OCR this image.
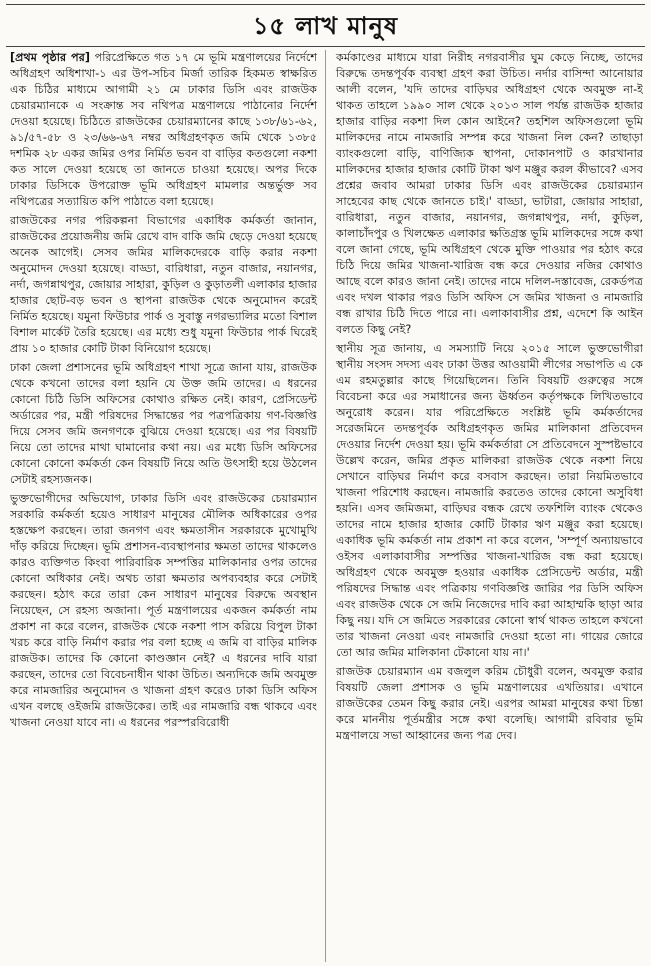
১৫ লাখ মানুষ

[প্রথম পৃষ্ঠার পর] পরিপ্রেক্ষিতে গত ১৭ মে ভূমি মন্ত্রণালয়ের নির্দেশে অধিগ্রহণ অধিশাখা-১ এর উপ-সচিব মির্জা তারিক হিকমত স্বাক্ষরিত এক চিঠির মাধ্যমে আগামী ২১ মে ঢাকার ডিসি এবং রাজউক চেয়ারম্যানকে এ সংক্রান্ত সব নথিপত্র মন্ত্রণালয়ে পাঠানোর নির্দেশ দেওয়া হয়েছে। চিঠিতে রাজউকের চেয়ারম্যানের কাছে ১৩৮/৬১-৬২, ৯১/৫৭-৫৮ ও ২৩/৬৬-৬৭ নম্বর অধিগ্রহণকৃত জমি থেকে ১৩৮৫ দশমিক ২৮ একর জমির ওপর নির্মিত ভবন বা বাড়ির কতগুলো নকশা কত সালে দেওয়া হয়েছে তা জানতে চাওয়া হয়েছে। অপর দিকে ঢাকার ডিসিকে উপরোক্ত ভূমি অধিগ্রহণ মামলার অন্তর্ভুক্ত সব নথিপত্রের সত্যায়িত কপি পাঠাতে বলা হয়েছে।

রাজউকের নগর পরিকল্পনা বিভাগের একাধিক কর্মকর্তা জানান, রাজউকের প্রয়োজনীয় জমি রেখে বাদ বাকি জমি ছেড়ে দেওয়া হয়েছে অনেক আগেই। সেসব জমির মালিকদেরকে বাড়ি করার নকশা অনুমোদন দেওয়া হয়েছে। বাড্ডা, বারিধারা, নতুন বাজার, নয়ানগর, নর্দা, জগন্নাথপুর, জোয়ার সাহারা, কুড়িল ও কুড়াতলী এলাকার হাজার হাজার ছোট-বড় ভবন ও স্থাপনা রাজউক থেকে অনুমোদন করেই নির্মিত হয়েছে। যমুনা ফিউচার পার্ক ও সুবাস্তু নগরভ্যালির মতো বিশাল বিশাল মার্কেট তৈরি হয়েছে। এর মধ্যে শুধু যমুনা ফিউচার পার্ক ঘিরেই প্রায় ১০ হাজার কোটি টাকা বিনিয়োগ হয়েছে।

ঢাকা জেলা প্রশাসনের ভূমি অধিগ্রহণ শাখা সূত্রে জানা যায়, রাজউক থেকে কখনো তাদের বলা হয়নি যে উক্ত জমি তাদের। এ ধরনের কোনো চিঠি ডিসি অফিসের কোথাও রক্ষিত নেই। কারণ, প্রেসিডেন্ট অর্ডারের পর, মন্ত্রী পরিষদের সিদ্ধান্তের পর পত্রপত্রিকায় গণ-বিজ্ঞপ্তি দিয়ে সেসব জমি জনগণকে বুঝিয়ে দেওয়া হয়েছে। এর পর বিষয়টি নিয়ে তো তাদের মাথা ঘামানোর কথা নয়। এর মধ্যে ডিসি অফিসের কোনো কোনো কর্মকর্তা কেন বিষয়টি নিয়ে অতি উৎসাহী হয়ে উঠলেন সেটাই রহস্যজনক।

ভুক্তভোগীদের অভিযোগ, ঢাকার ডিসি এবং রাজউকের চেয়ারম্যান সরকারি কর্মকর্তা হয়েও সাধারণ মানুষের মৌলিক অধিকারের ওপর হস্তক্ষেপ করছেন। তারা জনগণ এবং ক্ষমতাসীন সরকারকে মুখোমুখি দাঁড় করিয়ে দিচ্ছেন। ভূমি প্রশাসন-ব্যবস্থাপনার ক্ষমতা তাদের থাকলেও কারও ব্যক্তিগত কিংবা পারিবারিক সম্পত্তির মালিকানার ওপর তাদের কোনো অধিকার নেই। অথচ তারা ক্ষমতার অপব্যবহার করে সেটাই করছেন। হঠাৎ করে তারা কেন সাধারণ মানুষের বিরুদ্ধে অবস্থান নিয়েছেন, সে রহস্য অজানা। পূর্ত মন্ত্রণালয়ের একজন কর্মকর্তা নাম প্রকাশ না করে বলেন, রাজউক থেকে নকশা পাস করিয়ে বিপুল টাকা খরচ করে বাড়ি নির্মাণ করার পর বলা হচ্ছে এ জমি বা বাড়ির মালিক রাজউক। তাদের কি কোনো কাণ্ডজ্ঞান নেই? এ ধরনের দাবি যারা করছেন, তাদের তো বিবেচনাধীন থাকা উচিত। অন্যদিকে জমি অবমুক্ত করে নামজারির অনুমোদন ও খাজনা গ্রহণ করেও ঢাকা ডিসি অফিস এখন বলছে ওইজমি রাজউকের। তাই এর নামজারি বন্ধ থাকবে এবং খাজনা নেওয়া যাবে না। এ ধরনের পরস্পরবিরোধী

কর্মকাণ্ডের মাধ্যমে যারা নিরীহ নগরবাসীর ঘুম কেড়ে নিচ্ছে, তাদের বিরুদ্ধে তদন্তপূর্বক ব্যবস্থা গ্রহণ করা উচিত। নর্দার বাসিন্দা আনোয়ার আলী বলেন, 'যদি তাদের বাড়িঘর অধিগ্রহণ থেকে অবমুক্ত না-ই থাকত তাহলে ১৯৯০ সাল থেকে ২০১৩ সাল পর্যন্ত রাজউক হাজার হাজার বাড়ির নকশা দিল কোন আইনে? তহশিল অফিসগুলো ভূমি মালিকদের নামে নামজারি সম্পন্ন করে খাজনা নিল কেন? তাছাড়া ব্যাংকগুলো বাড়ি, বাণিজ্যিক স্থাপনা, দোকানপাট ও কারখানার মালিকদের হাজার হাজার কোটি টাকা ঋণ মঞ্জুর করল কীভাবে? এসব প্রশ্নের জবাব আমরা ঢাকার ডিসি এবং রাজউকের চেয়ারম্যান সাহেবের কাছ থেকে জানতে চাই।' বাড্ডা, ভাটারা, জোয়ার সাহারা, বারিধারা, নতুন বাজার, নয়ানগর, জগন্নাথপুর, নর্দা, কুড়িল, কালাচাঁদপুর ও খিলক্ষেত এলাকার ক্ষতিগ্রস্ত ভূমি মালিকদের সঙ্গে কথা বলে জানা গেছে, ভূমি অধিগ্রহণ থেকে মুক্তি পাওয়ার পর হঠাৎ করে চিঠি দিয়ে জমির খাজনা-খারিজ বন্ধ করে দেওয়ার নজির কোথাও আছে বলে কারও জানা নেই। তাদের নামে দলিল-দস্তাবেজ, রেকর্ডপত্র এবং দখল থাকার পরও ডিসি অফিস সে জমির খাজনা ও নামজারি বন্ধ রাখার চিঠি দিতে পারে না। এলাকাবাসীর প্রশ্ন, এদেশে কি আইন বলতে কিছু নেই?

স্থানীয় সূত্র জানায়, এ সমস্যাটি নিয়ে ২০১৫ সালে ভুক্তভোগীরা স্থানীয় সংসদ সদস্য এবং ঢাকা উত্তর আওয়ামী লীগের সভাপতি এ কে এম রহমতুল্লার কাছে গিয়েছিলেন। তিনি বিষয়টি গুরুত্বের সঙ্গে বিবেচনা করে এর সমাধানের জন্য ঊর্ধ্বতন কর্তৃপক্ষকে লিখিতভাবে অনুরোধ করেন। যার পরিপ্রেক্ষিতে সংশ্লিষ্ট ভূমি কর্মকর্তাদের সরেজমিনে তদন্তপূর্বক অধিগ্রহণকৃত জমির মালিকানা প্রতিবেদন দেওয়ার নির্দেশ দেওয়া হয়। ভূমি কর্মকর্তারা সে প্রতিবেদনে সুস্পষ্টভাবে উল্লেখ করেন, জমির প্রকৃত মালিকরা রাজউক থেকে নকশা নিয়ে সেখানে বাড়িঘর নির্মাণ করে বসবাস করছেন। তারা নিয়মিতভাবে খাজনা পরিশোধ করছেন। নামজারি করতেও তাদের কোনো অসুবিধা হয়নি। এসব জমিজমা, বাড়িঘর বন্ধক রেখে তফশিলি ব্যাংক থেকেও তাদের নামে হাজার হাজার কোটি টাকার ঋণ মঞ্জুর করা হয়েছে। একাধিক ভূমি কর্মকর্তা নাম প্রকাশ না করে বলেন, 'সম্পূর্ণ অন্যায়ভাবে ওইসব এলাকাবাসীর সম্পত্তির খাজনা-খারিজ বন্ধ করা হয়েছে। অধিগ্রহণ থেকে অবমুক্ত হওয়ার একাধিক প্রেসিডেন্ট অর্ডার, মন্ত্রী পরিষদের সিদ্ধান্ত এবং পত্রিকায় গণবিজ্ঞপ্তি জারির পর ডিসি অফিস এবং রাজউক থেকে সে জমি নিজেদের দাবি করা আহাম্মকি ছাড়া আর কিছু নয়। যদি সে জমিতে সরকারের কোনো স্বার্থ থাকত তাহলে কখনো তার খাজনা নেওয়া এবং নামজারি দেওয়া হতো না। গায়ের জোরে তো আর জমির মালিকানা টেকানো যায় না।'

রাজউক চেয়ারম্যান এম বজলুল করিম চৌধুরী বলেন, অবমুক্ত করার বিষয়টি জেলা প্রশাসক ও ভূমি মন্ত্রণালয়ের এখতিয়ার। এখানে রাজউকের তেমন কিছু করার নেই। এরপর আমরা মানুষের কথা চিন্তা করে মাননীয় পূর্তমন্ত্রীর সঙ্গে কথা বলেছি। আগামী রবিবার ভূমি মন্ত্রণালয়ে সভা আহ্বানের জন্য পত্র দেব।
